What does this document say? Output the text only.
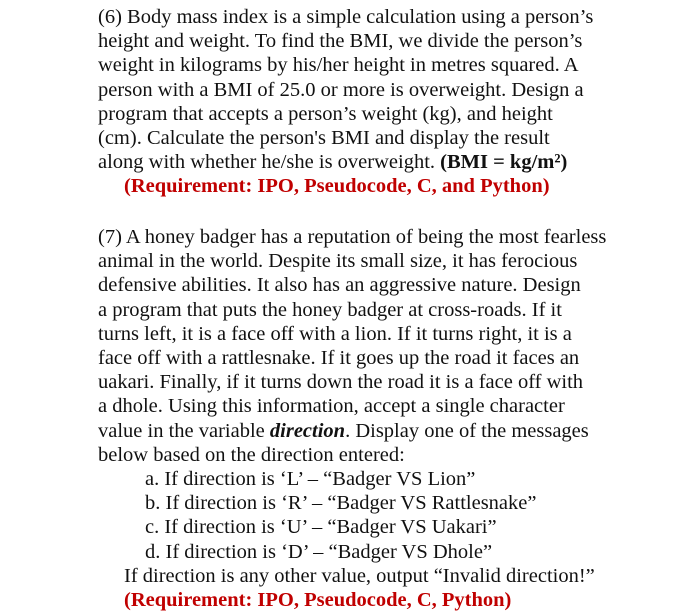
(6) Body mass index is a simple calculation using a person’s
height and weight. To find the BMI, we divide the person’s
weight in kilograms by his/her height in metres squared. A
person with a BMI of 25.0 or more is overweight. Design a
program that accepts a person’s weight (kg), and height
(cm). Calculate the person's BMI and display the result
along with whether he/she is overweight. (BMI = kg/m²)
(Requirement: IPO, Pseudocode, C, and Python)
(7) A honey badger has a reputation of being the most fearless
animal in the world. Despite its small size, it has ferocious
defensive abilities. It also has an aggressive nature. Design
a program that puts the honey badger at cross-roads. If it
turns left, it is a face off with a lion. If it turns right, it is a
face off with a rattlesnake. If it goes up the road it faces an
uakari. Finally, if it turns down the road it is a face off with
a dhole. Using this information, accept a single character
value in the variable direction. Display one of the messages
below based on the direction entered:
a. If direction is ‘L’ – “Badger VS Lion”
b. If direction is ‘R’ – “Badger VS Rattlesnake”
c. If direction is ‘U’ – “Badger VS Uakari”
d. If direction is ‘D’ – “Badger VS Dhole”
If direction is any other value, output “Invalid direction!”
(Requirement: IPO, Pseudocode, C, Python)
